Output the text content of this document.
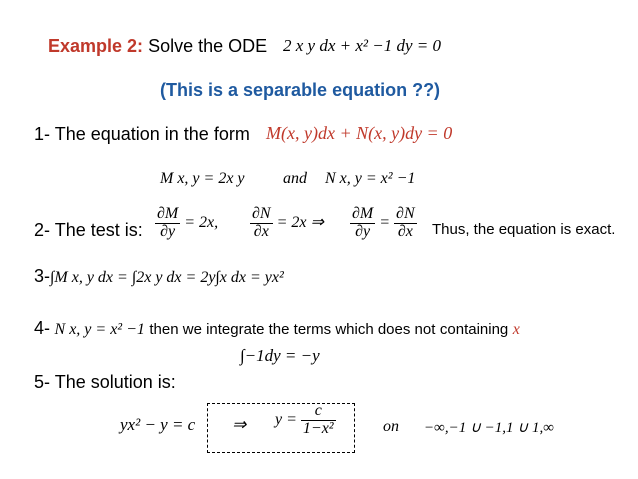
Example 2: Solve the ODE 2 x y dx + x² −1 dy = 0
(This is a separable equation ??)
1- The equation in the form M(x, y)dx + N(x, y)dy = 0
M x, y = 2x y and N x, y = x² −1
2- The test is: $\frac{\partial M}{\partial y} = 2x$, $\frac{\partial N}{\partial x} = 2x$ ⇒ $\frac{\partial M}{\partial y} = \frac{\partial N}{\partial x}$ Thus, the equation is exact.
3-∫M x, y dx = ∫2x y dx = 2y∫x dx = yx²
4- N x, y = x² −1 then we integrate the terms which does not containing x
∫−1dy = −y
5- The solution is:
yx² − y = c ⇒ $y = \frac{c}{\text{1−x²}}$	on −∞,−1 ∪ −1,1 ∪ 1,∞
